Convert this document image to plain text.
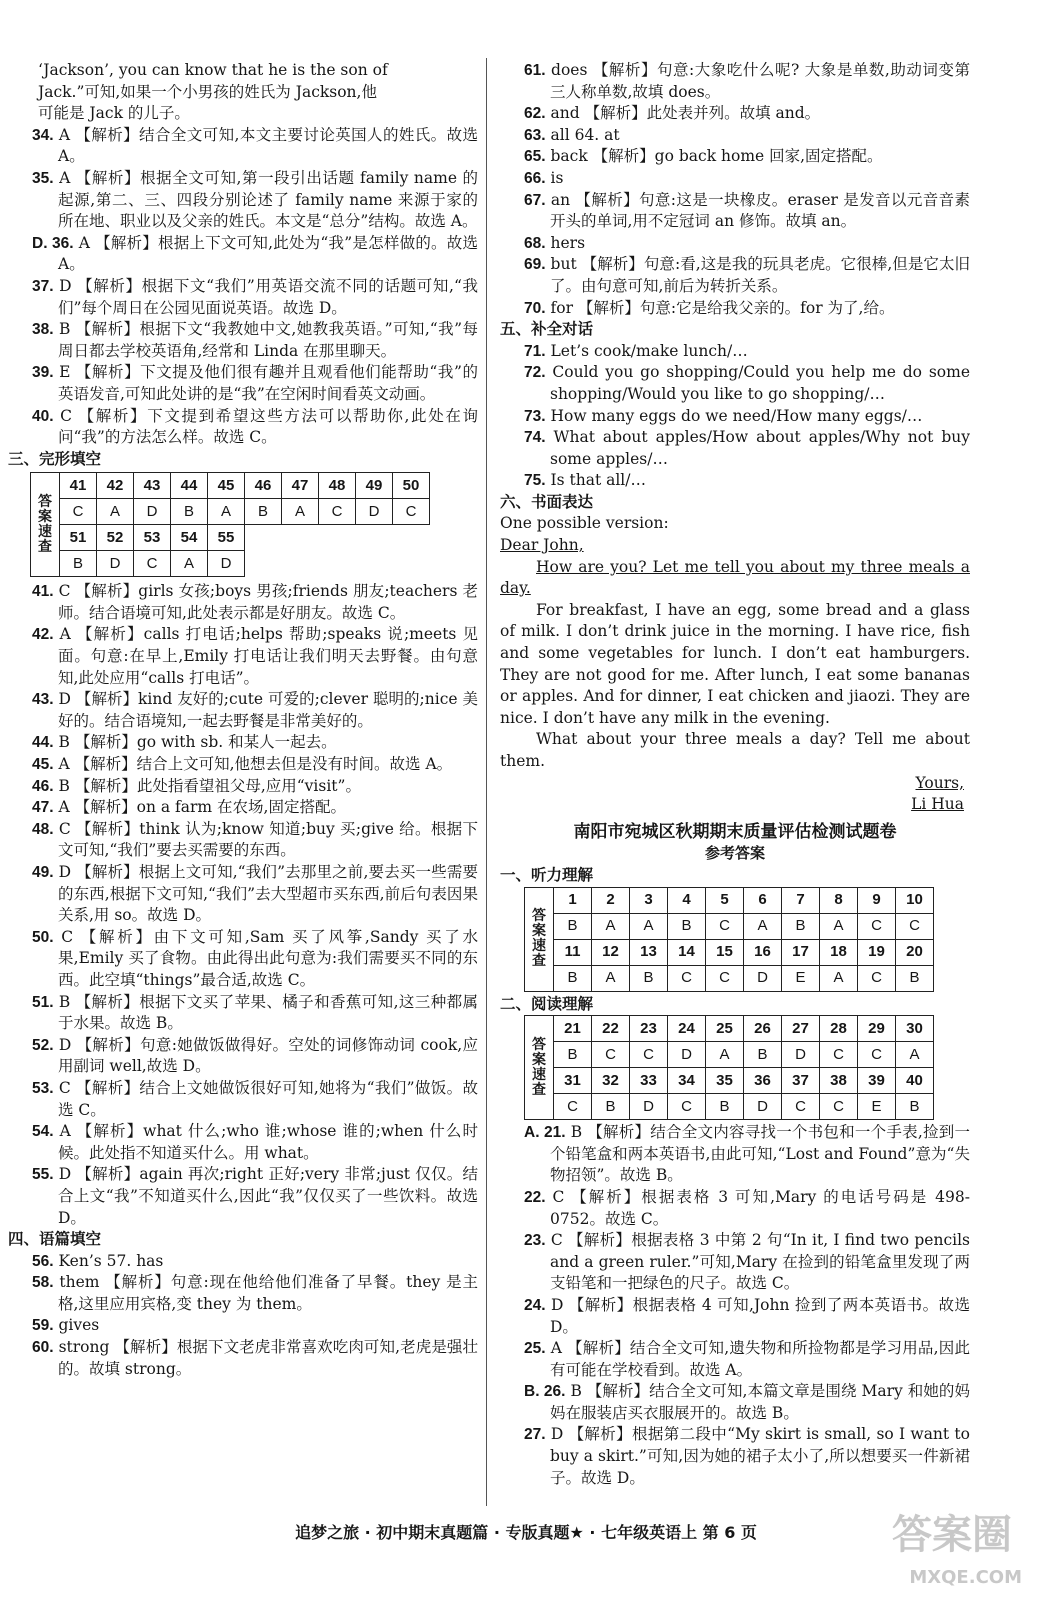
‘Jackson’, you can know that he is the son of
Jack.”可知,如果一个小男孩的姓氏为 Jackson,他
可能是 Jack 的儿子。

34. A 【解析】结合全文可知,本文主要讨论英国人的姓氏。故选 A。

35. A 【解析】根据全文可知,第一段引出话题 family name 的起源,第二、三、四段分别论述了 family name 来源于家的所在地、职业以及父亲的姓氏。本文是“总分”结构。故选 A。

D. 36. A 【解析】根据上下文可知,此处为“我”是怎样做的。故选 A。

37. D 【解析】根据下文“我们”用英语交流不同的话题可知,“我们”每个周日在公园见面说英语。故选 D。

38. B 【解析】根据下文“我教她中文,她教我英语。”可知,“我”每周日都去学校英语角,经常和 Linda 在那里聊天。

39. E 【解析】下文提及他们很有趣并且观看他们能帮助“我”的英语发音,可知此处讲的是“我”在空闲时间看英文动画。

40. C 【解析】下文提到希望这些方法可以帮助你,此处在询问“我”的方法怎么样。故选 C。

三、完形填空

答
案
速
查	41	42	43	44	45	46	47	48	49	50
	C	A	D	B	A	B	A	C	D	C
	51	52	53	54	55					
	B	D	C	A	D					

41. C 【解析】girls 女孩;boys 男孩;friends 朋友;teachers 老师。结合语境可知,此处表示都是好朋友。故选 C。

42. A 【解析】calls 打电话;helps 帮助;speaks 说;meets 见面。句意:在早上,Emily 打电话让我们明天去野餐。由句意知,此处应用“calls 打电话”。

43. D 【解析】kind 友好的;cute 可爱的;clever 聪明的;nice 美好的。结合语境知,一起去野餐是非常美好的。

44. B 【解析】go with sb. 和某人一起去。

45. A 【解析】结合上文可知,他想去但是没有时间。故选 A。

46. B 【解析】此处指看望祖父母,应用“visit”。

47. A 【解析】on a farm 在农场,固定搭配。

48. C 【解析】think 认为;know 知道;buy 买;give 给。根据下文可知,“我们”要去买需要的东西。

49. D 【解析】根据上文可知,“我们”去那里之前,要去买一些需要的东西,根据下文可知,“我们”去大型超市买东西,前后句表因果关系,用 so。故选 D。

50. C 【解析】由下文可知,Sam 买了风筝,Sandy 买了水果,Emily 买了食物。由此得出此句意为:我们需要买不同的东西。此空填“things”最合适,故选 C。

51. B 【解析】根据下文买了苹果、橘子和香蕉可知,这三种都属于水果。故选 B。

52. D 【解析】句意:她做饭做得好。空处的词修饰动词 cook,应用副词 well,故选 D。

53. C 【解析】结合上文她做饭很好可知,她将为“我们”做饭。故选 C。

54. A 【解析】what 什么;who 谁;whose 谁的;when 什么时候。此处指不知道买什么。用 what。

55. D 【解析】again 再次;right 正好;very 非常;just 仅仅。结合上文“我”不知道买什么,因此“我”仅仅买了一些饮料。故选 D。

四、语篇填空

56. Ken’s 57. has

58. them 【解析】句意:现在他给他们准备了早餐。they 是主格,这里应用宾格,变 they 为 them。

59. gives

60. strong 【解析】根据下文老虎非常喜欢吃肉可知,老虎是强壮的。故填 strong。

61. does 【解析】句意:大象吃什么呢? 大象是单数,助动词变第三人称单数,故填 does。

62. and 【解析】此处表并列。故填 and。

63. all 64. at

65. back 【解析】go back home 回家,固定搭配。

66. is

67. an 【解析】句意:这是一块橡皮。eraser 是发音以元音音素开头的单词,用不定冠词 an 修饰。故填 an。

68. hers

69. but 【解析】句意:看,这是我的玩具老虎。它很棒,但是它太旧了。由句意可知,前后为转折关系。

70. for 【解析】句意:它是给我父亲的。for 为了,给。

五、补全对话

71. Let’s cook/make lunch/…

72. Could you go shopping/Could you help me do some shopping/Would you like to go shopping/…

73. How many eggs do we need/How many eggs/…

74. What about apples/How about apples/Why not buy some apples/…

75. Is that all/…

六、书面表达

One possible version:

Dear John,

How are you? Let me tell you about my three meals a day.

For breakfast, I have an egg, some bread and a glass of milk. I don’t drink juice in the morning. I have rice, fish and some vegetables for lunch. I don’t eat hamburgers. They are not good for me. After lunch, I eat some bananas or apples. And for dinner, I eat chicken and jiaozi. They are nice. I don’t have any milk in the evening.

What about your three meals a day? Tell me about them.

Yours,

Li Hua

南阳市宛城区秋期期末质量评估检测试题卷
参考答案

一、听力理解

答
案
速
查	1	2	3	4	5	6	7	8	9	10
	B	A	A	B	C	A	B	A	C	C
	11	12	13	14	15	16	17	18	19	20
	B	A	B	C	C	D	E	A	C	B

二、阅读理解

答
案
速
查	21	22	23	24	25	26	27	28	29	30
	B	C	C	D	A	B	D	C	C	A
	31	32	33	34	35	36	37	38	39	40
	C	B	D	C	B	D	C	C	E	B

A. 21. B 【解析】结合全文内容寻找一个书包和一个手表,捡到一个铅笔盒和两本英语书,由此可知,“Lost and Found”意为“失物招领”。故选 B。

22. C 【解析】根据表格 3 可知,Mary 的电话号码是 498-0752。故选 C。

23. C 【解析】根据表格 3 中第 2 句“In it, I find two pencils and a green ruler.”可知,Mary 在捡到的铅笔盒里发现了两支铅笔和一把绿色的尺子。故选 C。

24. D 【解析】根据表格 4 可知,John 捡到了两本英语书。故选 D。

25. A 【解析】结合全文可知,遗失物和所捡物都是学习用品,因此有可能在学校看到。故选 A。

B. 26. B 【解析】结合全文可知,本篇文章是围绕 Mary 和她的妈妈在服装店买衣服展开的。故选 B。

27. D 【解析】根据第二段中“My skirt is small, so I want to buy a skirt.”可知,因为她的裙子太小了,所以想要买一件新裙子。故选 D。

追梦之旅 · 初中期末真题篇 · 专版真题★ · 七年级英语上 第 6 页	答案圈
MXQE.COM
